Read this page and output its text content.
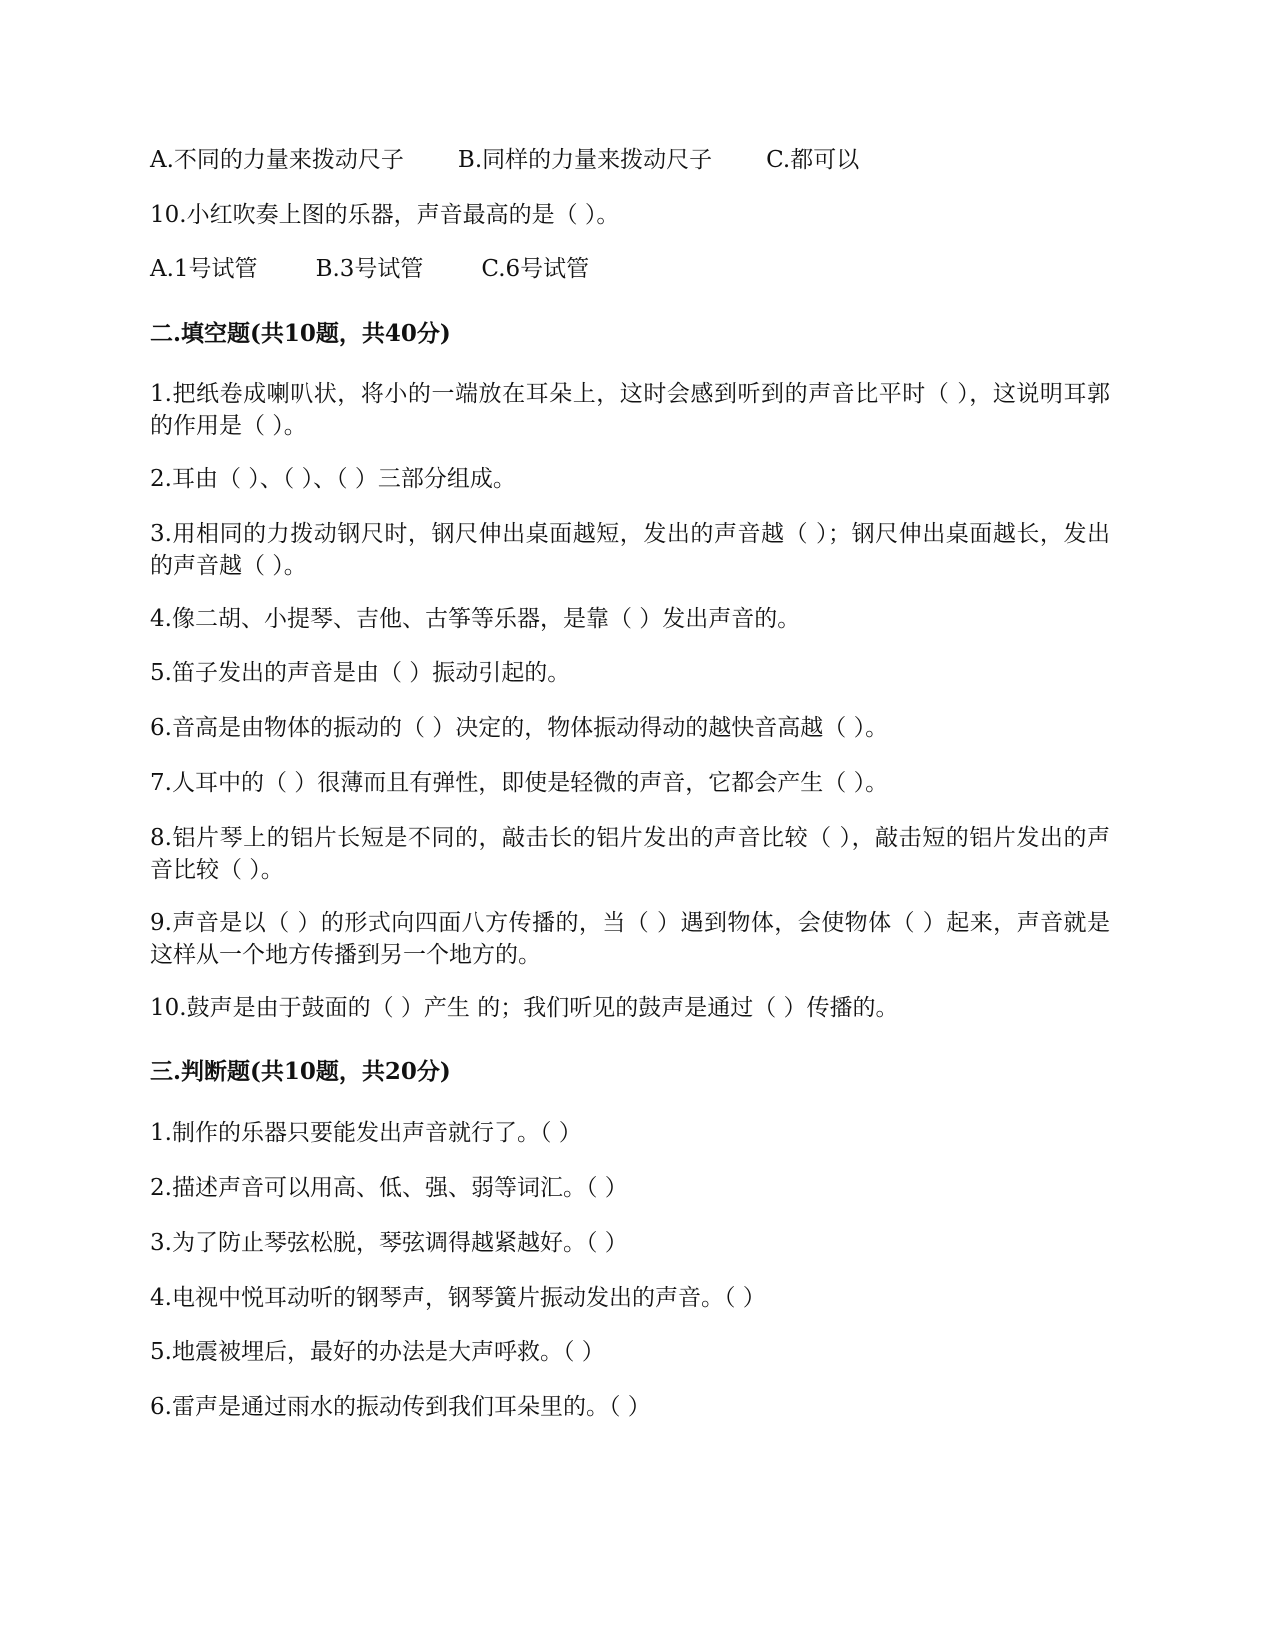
A.不同的力量来拨动尺子 B.同样的力量来拨动尺子 C.都可以
10.小红吹奏上图的乐器，声音最高的是（ ）。
A.1号试管	B.3号试管	C.6号试管
二.填空题(共10题，共40分)
1.把纸卷成喇叭状，将小的一端放在耳朵上，这时会感到听到的声音比平时（ ），这说明耳郭的作用是（ ）。
2.耳由（ ）、（ ）、（ ）三部分组成。
3.用相同的力拨动钢尺时，钢尺伸出桌面越短，发出的声音越（ ）；钢尺伸出桌面越长，发出的声音越（ ）。
4.像二胡、小提琴、吉他、古筝等乐器，是靠（ ）发出声音的。
5.笛子发出的声音是由（ ）振动引起的。
6.音高是由物体的振动的（ ）决定的，物体振动得动的越快音高越（ ）。
7.人耳中的（ ）很薄而且有弹性，即使是轻微的声音，它都会产生（ ）。
8.铝片琴上的铝片长短是不同的，敲击长的铝片发出的声音比较（ ），敲击短的铝片发出的声音比较（ ）。
9.声音是以（ ）的形式向四面八方传播的，当（ ）遇到物体，会使物体（ ）起来，声音就是这样从一个地方传播到另一个地方的。
10.鼓声是由于鼓面的（ ）产生 的；我们听见的鼓声是通过（ ）传播的。
三.判断题(共10题，共20分)
1.制作的乐器只要能发出声音就行了。（ ）
2.描述声音可以用高、低、强、弱等词汇。（ ）
3.为了防止琴弦松脱，琴弦调得越紧越好。（ ）
4.电视中悦耳动听的钢琴声，钢琴簧片振动发出的声音。（ ）
5.地震被埋后，最好的办法是大声呼救。（ ）
6.雷声是通过雨水的振动传到我们耳朵里的。（ ）
